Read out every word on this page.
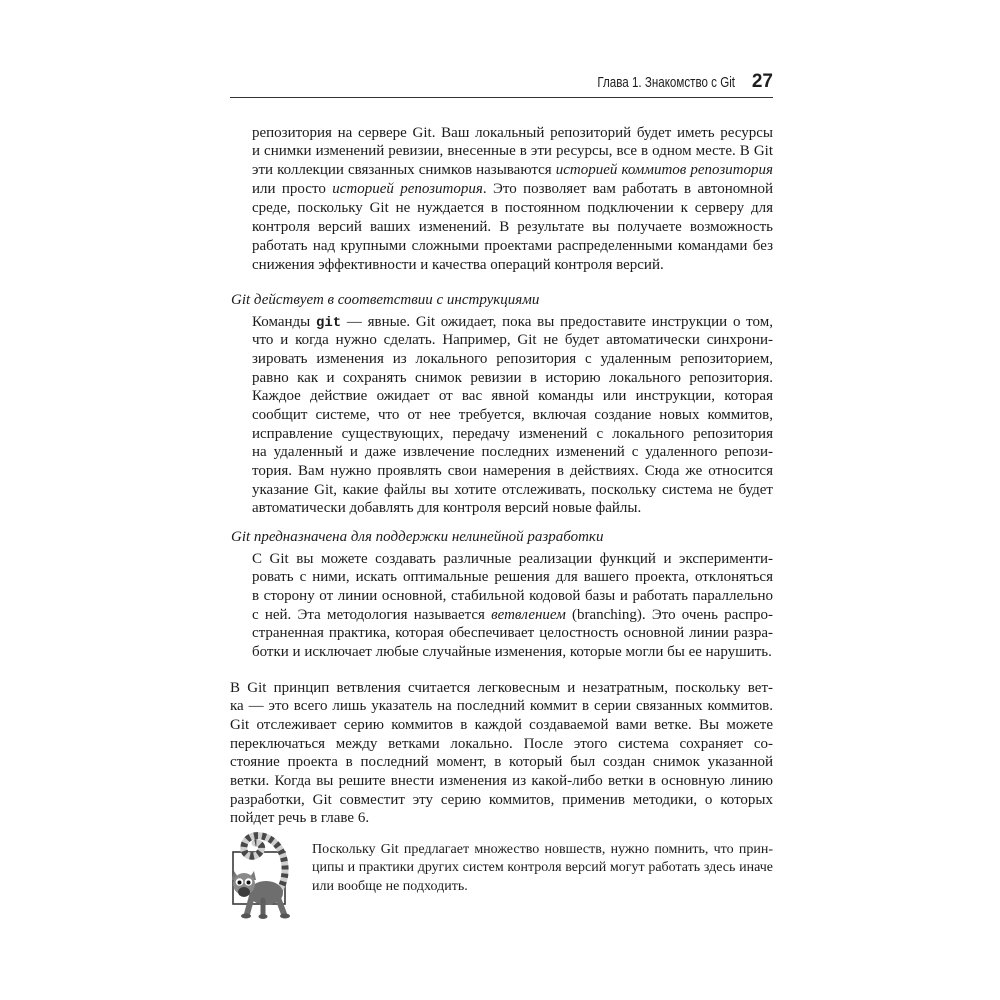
Глава 1. Знакомство с Git 27
репозитория на сервере Git. Ваш локальный репозиторий будет иметь ресурсы
и снимки изменений ревизии, внесенные в эти ресурсы, все в одном месте. В Git
эти коллекции связанных снимков называются историей коммитов репозитория
или просто историей репозитория. Это позволяет вам работать в автономной
среде, поскольку Git не нуждается в постоянном подключении к серверу для
контроля версий ваших изменений. В результате вы получаете возможность
работать над крупными сложными проектами распределенными командами без
снижения эффективности и качества операций контроля версий.
Git действует в соответствии с инструкциями
Команды git — явные. Git ожидает, пока вы предоставите инструкции о том,
что и когда нужно сделать. Например, Git не будет автоматически синхрони-
зировать изменения из локального репозитория с удаленным репозиторием,
равно как и сохранять снимок ревизии в историю локального репозитория.
Каждое действие ожидает от вас явной команды или инструкции, которая
сообщит системе, что от нее требуется, включая создание новых коммитов,
исправление существующих, передачу изменений с локального репозитория
на удаленный и даже извлечение последних изменений с удаленного репози-
тория. Вам нужно проявлять свои намерения в действиях. Сюда же относится
указание Git, какие файлы вы хотите отслеживать, поскольку система не будет
автоматически добавлять для контроля версий новые файлы.
Git предназначена для поддержки нелинейной разработки
С Git вы можете создавать различные реализации функций и эксперименти-
ровать с ними, искать оптимальные решения для вашего проекта, отклоняться
в сторону от линии основной, стабильной кодовой базы и работать параллельно
с ней. Эта методология называется ветвлением (branching). Это очень распро-
страненная практика, которая обеспечивает целостность основной линии разра-
ботки и исключает любые случайные изменения, которые могли бы ее нарушить.
В Git принцип ветвления считается легковесным и незатратным, поскольку вет-
ка — это всего лишь указатель на последний коммит в серии связанных коммитов.
Git отслеживает серию коммитов в каждой создаваемой вами ветке. Вы можете
переключаться между ветками локально. После этого система сохраняет со-
стояние проекта в последний момент, в который был создан снимок указанной
ветки. Когда вы решите внести изменения из какой-либо ветки в основную линию
разработки, Git совместит эту серию коммитов, применив методики, о которых
пойдет речь в главе 6.
Поскольку Git предлагает множество новшеств, нужно помнить, что прин-
ципы и практики других систем контроля версий могут работать здесь иначе
или вообще не подходить.
